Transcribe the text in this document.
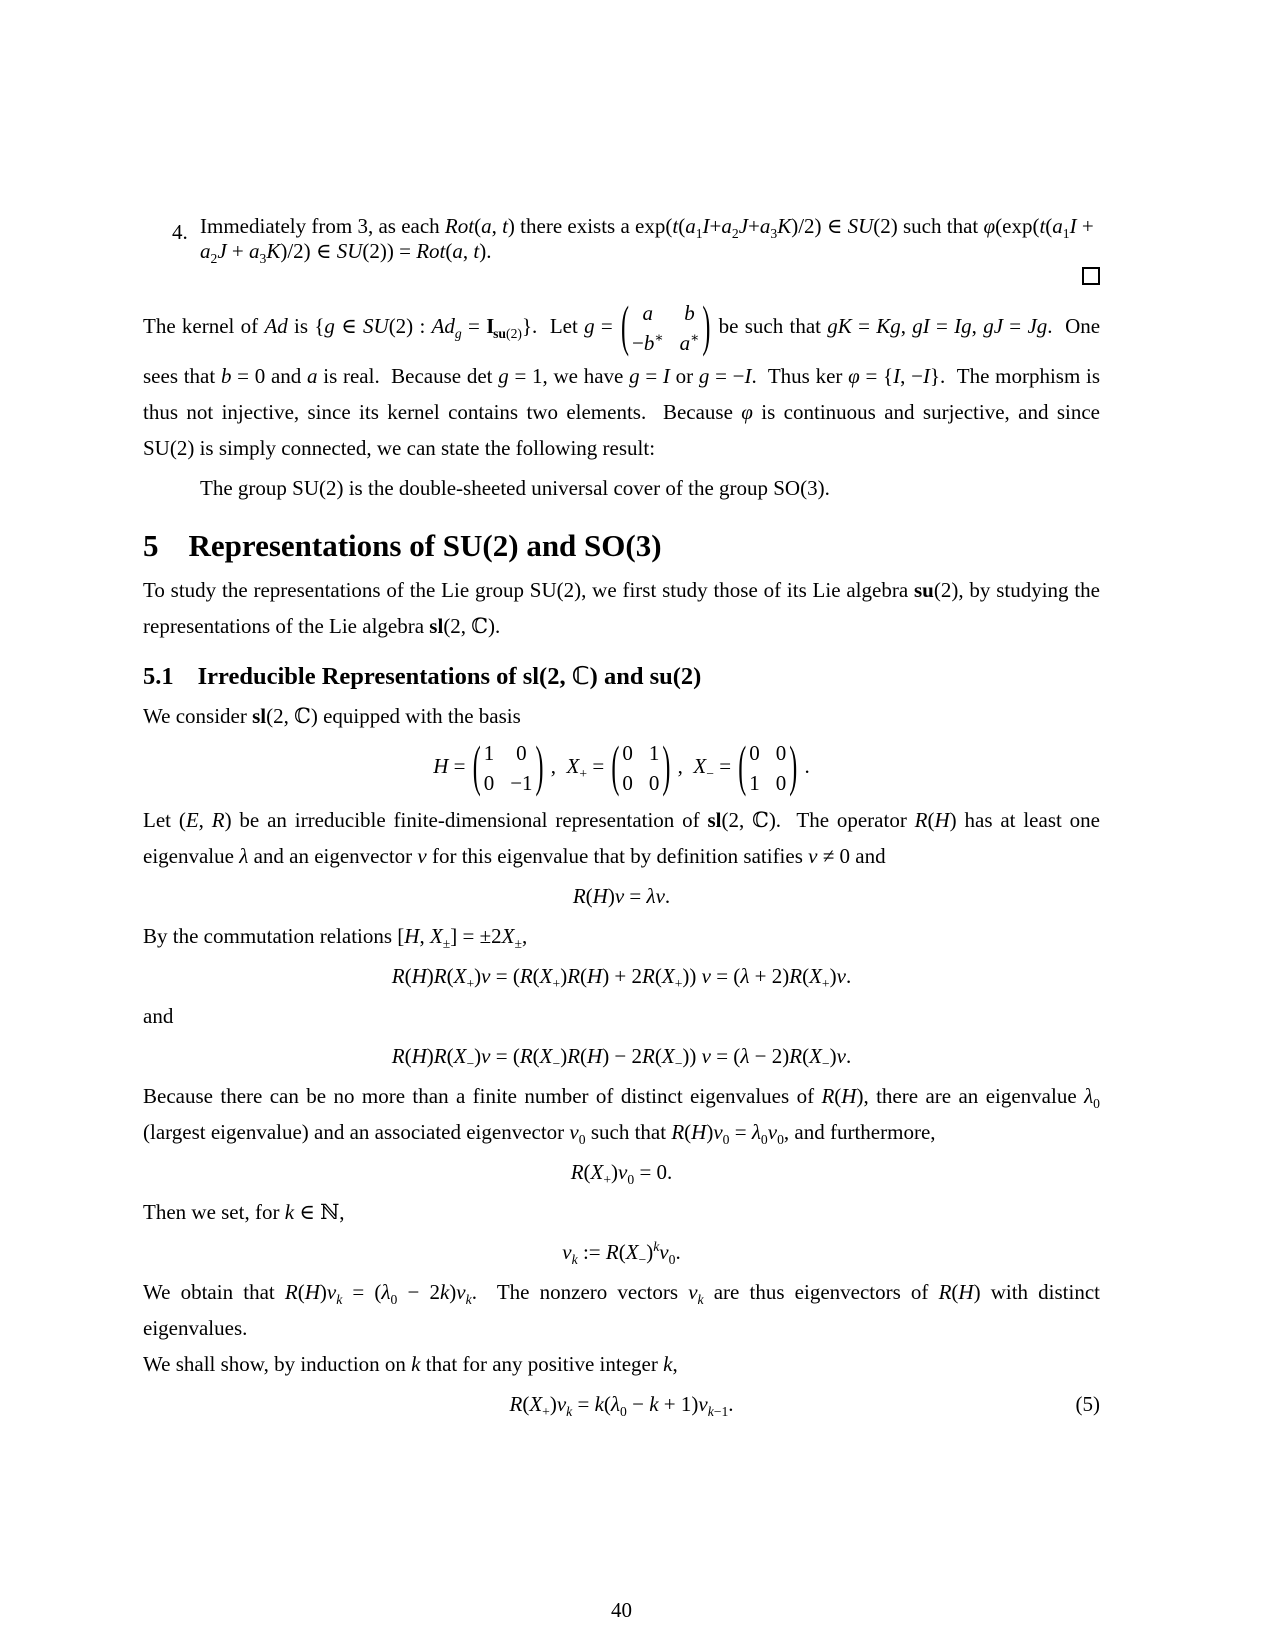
4. Immediately from 3, as each Rot(a, t) there exists a $\exp(t(a_1I+a_2J+a_3K)/2)$ ∈ SU(2) such that $\varphi(\exp(t(a_1I + a_2J + a_3K)/2)$ ∈ SU(2)) = Rot(a, t).

The kernel of Ad is {g ∈ SU(2) : $Ad_g = I_{su(2)}$}.  Let g = ( a	b
−b∗ a∗ ) be such that gK = Kg, gI = Ig, gJ = Jg.  One sees that b = 0 and a is real.  Because det g = 1, we have g = I or g = −I.  Thus ker φ = {I, −I}.  The morphism is thus not injective, since its kernel contains two elements.  Because φ is continuous and surjective, and since SU(2) is simply connected, we can state the following result:

The group SU(2) is the double-sheeted universal cover of the group SO(3).
5 Representations of SU(2) and SO(3)

To study the representations of the Lie group SU(2), we first study those of its Lie algebra su(2), by studying the representations of the Lie algebra sl(2, ℂ).

5.1 Irreducible Representations of sl(2, ℂ) and su(2)

We consider sl(2, ℂ) equipped with the basis

H = ( 1 0
0 −1 ) ,  $X_+$ = ( 0 1
0 0 ) ,  $X_-$ = ( 0 0
1 0 ) .

Let (E, R) be an irreducible finite-dimensional representation of sl(2, ℂ).  The operator R(H) has at least one eigenvalue λ and an eigenvector v for this eigenvalue that by definition satifies v ≠ 0 and

R(H)v = λv.

By the commutation relations [H, $X_\pm] = \pm 2X_\pm$,

$R(H)R(X_+)v = (R(X_+)R(H) + 2R(X_+)) v = (\lambda + 2)R(X_+)v$.

and

$R(H)R(X_-)v = (R(X_-)R(H) - 2R(X_-)) v = (\lambda - 2)R(X_-)v$.

Because there can be no more than a finite number of distinct eigenvalues of R(H), there are an eigenvalue $\lambda_0$ (largest eigenvalue) and an associated eigenvector $v_0$ such that $R(H)v_0 = \lambda_0v_0$, and furthermore,

$R(X_+)v_0 = 0$.

Then we set, for k ∈ ℕ,

$v_k$ := $R(X_-)^kv_0$.

We obtain that $R(H)v_k = (\lambda_0 - 2k)v_k$.  The nonzero vectors $v_k$ are thus eigenvectors of R(H) with distinct eigenvalues.

We shall show, by induction on k that for any positive integer k,

$R(X_+)v_k = k(\lambda_0 - k + 1)v_{k-1}$.	(5)
40
